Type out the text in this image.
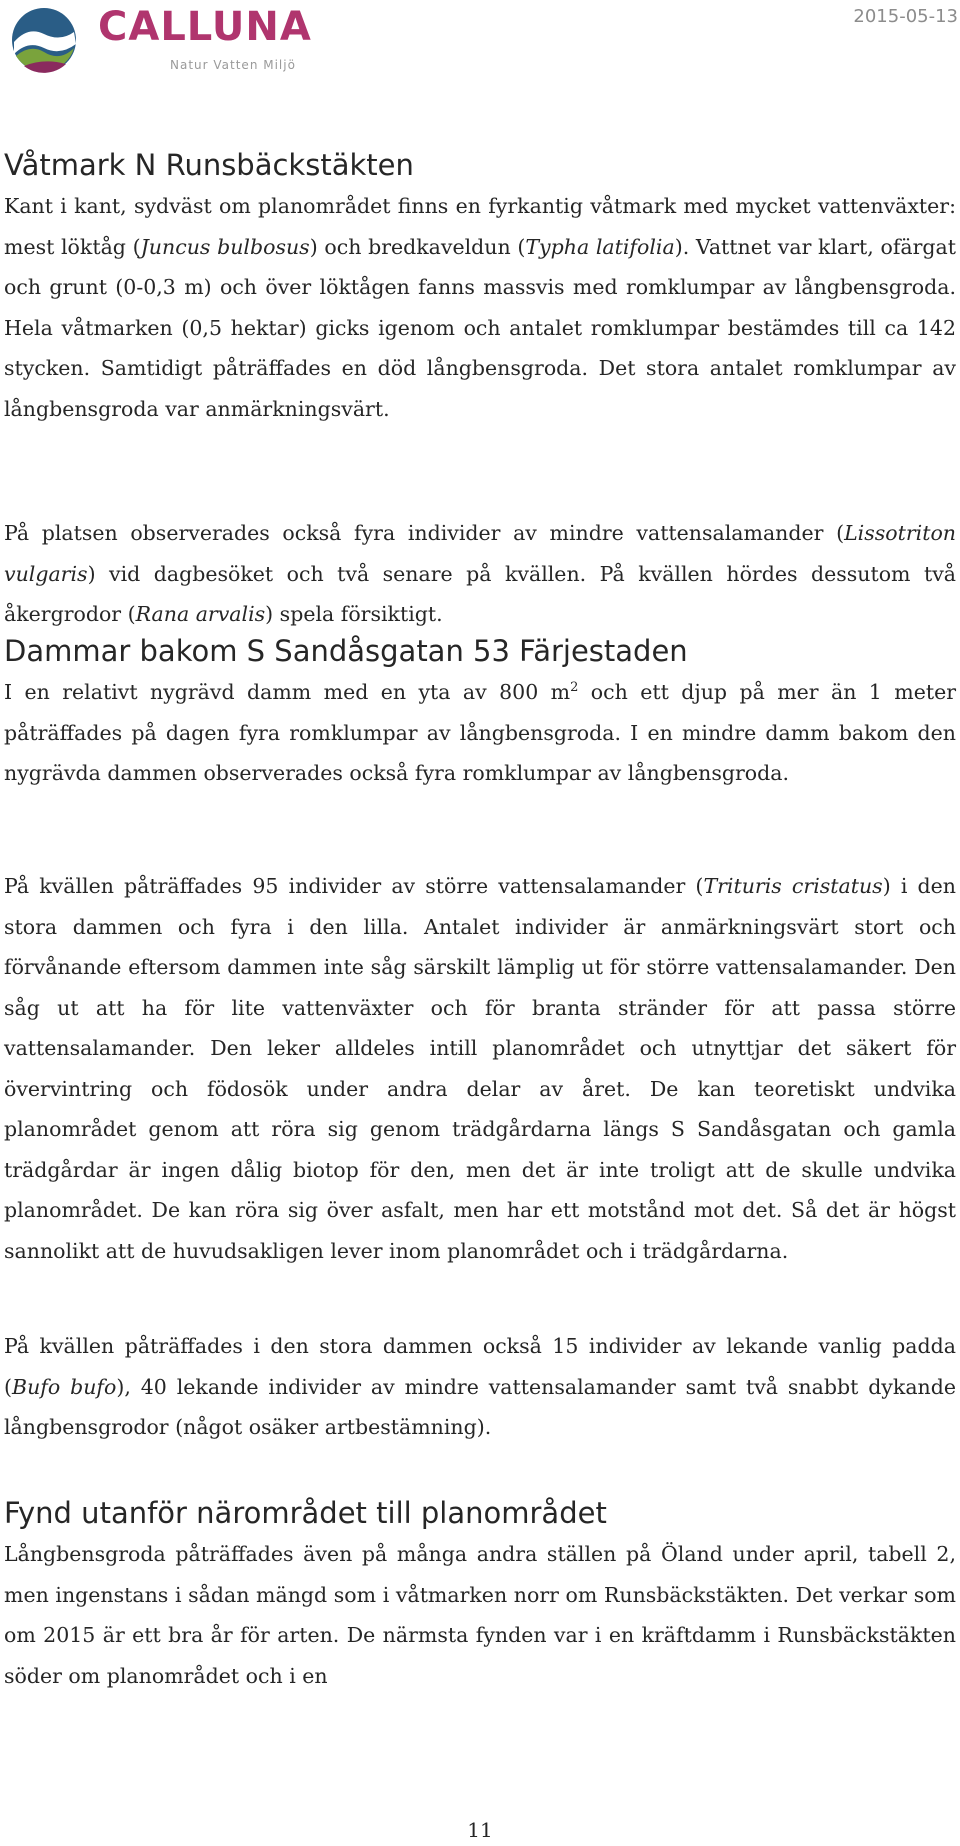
CALLUNA
Natur Vatten Miljö
2015-05-13
Våtmark N Runsbäckstäkten

Kant i kant, sydväst om planområdet finns en fyrkantig våtmark med mycket vattenväxter: mest löktåg (Juncus bulbosus) och bredkaveldun (Typha latifolia). Vattnet var klart, ofärgat och grunt (0-0,3 m) och över löktågen fanns massvis med romklumpar av långbensgroda. Hela våtmarken (0,5 hektar) gicks igenom och antalet romklumpar bestämdes till ca 142 stycken. Samtidigt påträffades en död långbensgroda. Det stora antalet romklumpar av långbensgroda var anmärkningsvärt.

På platsen observerades också fyra individer av mindre vattensalamander (Lissotriton vulgaris) vid dagbesöket och två senare på kvällen. På kvällen hördes dessutom två åkergrodor (Rana arvalis) spela försiktigt.

Dammar bakom S Sandåsgatan 53 Färjestaden

I en relativt nygrävd damm med en yta av 800 $m^2$ och ett djup på mer än 1 meter påträffades på dagen fyra romklumpar av långbensgroda. I en mindre damm bakom den nygrävda dammen observerades också fyra romklumpar av långbensgroda.

På kvällen påträffades 95 individer av större vattensalamander (Trituris cristatus) i den stora dammen och fyra i den lilla. Antalet individer är anmärkningsvärt stort och förvånande eftersom dammen inte såg särskilt lämplig ut för större vattensalamander. Den såg ut att ha för lite vattenväxter och för branta stränder för att passa större vattensalamander. Den leker alldeles intill planområdet och utnyttjar det säkert för övervintring och födosök under andra delar av året. De kan teoretiskt undvika planområdet genom att röra sig genom trädgårdarna längs S Sandåsgatan och gamla trädgårdar är ingen dålig biotop för den, men det är inte troligt att de skulle undvika planområdet. De kan röra sig över asfalt, men har ett motstånd mot det. Så det är högst sannolikt att de huvudsakligen lever inom planområdet och i trädgårdarna.

På kvällen påträffades i den stora dammen också 15 individer av lekande vanlig padda (Bufo bufo), 40 lekande individer av mindre vattensalamander samt två snabbt dykande långbensgrodor (något osäker artbestämning).

Fynd utanför närområdet till planområdet

Långbensgroda påträffades även på många andra ställen på Öland under april, tabell 2, men ingenstans i sådan mängd som i våtmarken norr om Runsbäckstäkten. Det verkar som om 2015 är ett bra år för arten. De närmsta fynden var i en kräftdamm i Runsbäckstäkten söder om planområdet och i en

11
